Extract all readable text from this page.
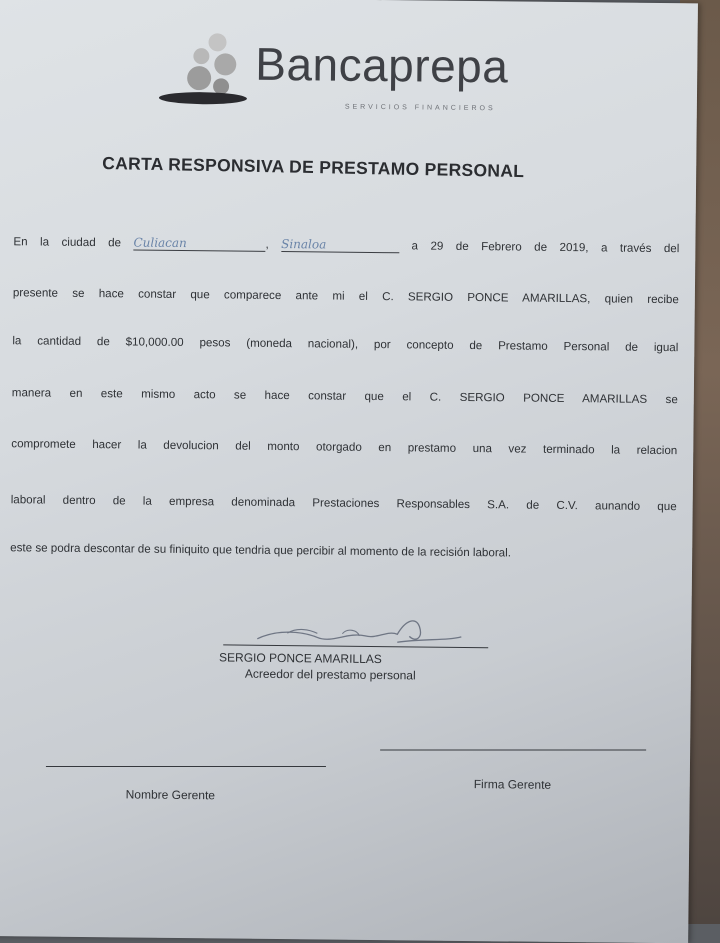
Bancaprepa
SERVICIOS FINANCIEROS
CARTA RESPONSIVA DE PRESTAMO PERSONAL
En la ciudad de Culiacan	, Sinaloa	a 29 de Febrero de 2019, a través del
presente se hace constar que comparece ante mi el C. SERGIO PONCE AMARILLAS, quien recibe
la cantidad de $10,000.00 pesos (moneda nacional), por concepto de Prestamo Personal de igual
manera en este mismo acto se hace constar que el C. SERGIO PONCE AMARILLAS se
compromete hacer la devolucion del monto otorgado en prestamo una vez terminado la relacion
laboral dentro de la empresa denominada Prestaciones Responsables S.A. de C.V. aunando que
este se podra descontar de su finiquito que tendria que percibir al momento de la recisión laboral.
SERGIO PONCE AMARILLAS
Acreedor del prestamo personal
Nombre Gerente
Firma Gerente
